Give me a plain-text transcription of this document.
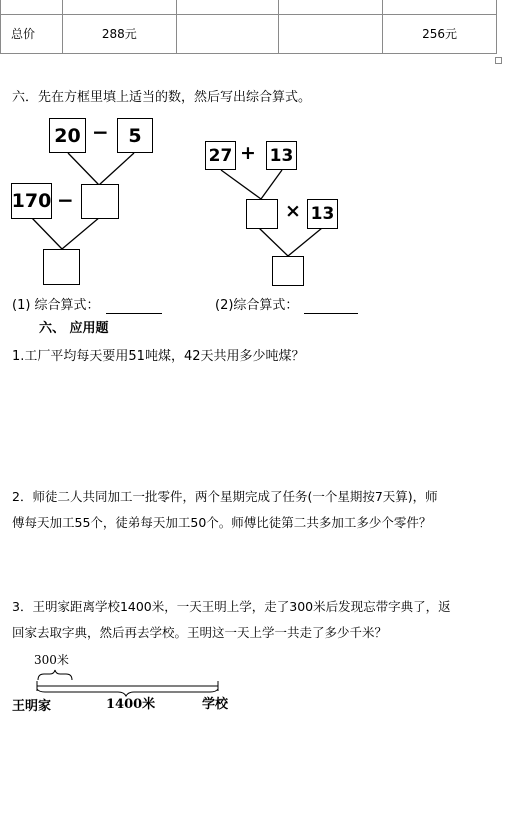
总价	288元			256元
六．先在方框里填上适当的数，然后写出综合算式。
20 −	5
170 −
27 + 13
× 13
(1) 综合算式：	(2)综合算式：
六、 应用题
1.工厂平均每天要用51吨煤，42天共用多少吨煤？
2．师徒二人共同加工一批零件，两个星期完成了任务(一个星期按7天算)，师
傅每天加工55个，徒弟每天加工50个。师傅比徒第二共多加工多少个零件？
3．王明家距离学校1400米，一天王明上学，走了300米后发现忘带字典了，返
回家去取字典，然后再去学校。王明这一天上学一共走了多少千米？
300米
王明家	1400米	学校
